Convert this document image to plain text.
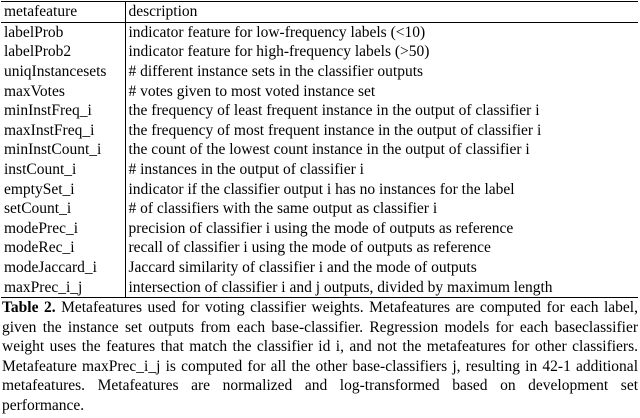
metafeature	description
labelProb	indicator feature for low-frequency labels (<10)
labelProb2	indicator feature for high-frequency labels (>50)
uniqInstancesets	# different instance sets in the classifier outputs
maxVotes	# votes given to most voted instance set
minInstFreq_i	the frequency of least frequent instance in the output of classifier i
maxInstFreq_i	the frequency of most frequent instance in the output of classifier i
minInstCount_i	the count of the lowest count instance in the output of classifier i
instCount_i	# instances in the output of classifier i
emptySet_i	indicator if the classifier output i has no instances for the label
setCount_i	# of classifiers with the same output as classifier i
modePrec_i	precision of classifier i using the mode of outputs as reference
modeRec_i	recall of classifier i using the mode of outputs as reference
modeJaccard_i	Jaccard similarity of classifier i and the mode of outputs
maxPrec_i_j	intersection of classifier i and j outputs, divided by maximum length
Table 2. Metafeatures used for voting classifier weights. Metafeatures are computed for each label, given the instance set outputs from each base-classifier. Regression models for each baseclassifier weight uses the features that match the classifier id i, and not the metafeatures for other classifiers. Metafeature maxPrec_i_j is computed for all the other base-classifiers j, resulting in 42-1 additional metafeatures. Metafeatures are normalized and log-transformed based on development set performance.
